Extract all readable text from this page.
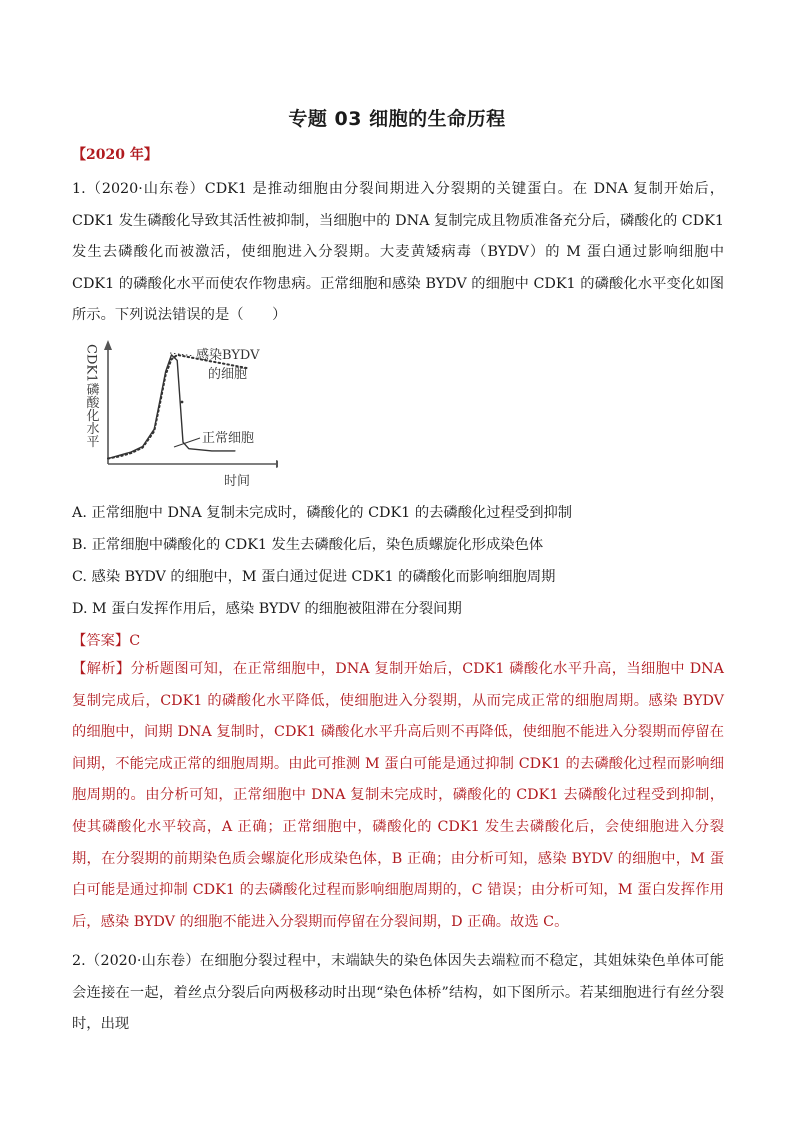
专题 03 细胞的生命历程
【2020 年】

1.（2020·山东卷）CDK1 是推动细胞由分裂间期进入分裂期的关键蛋白。在 DNA 复制开始后，CDK1 发生磷酸化导致其活性被抑制，当细胞中的 DNA 复制完成且物质准备充分后，磷酸化的 CDK1 发生去磷酸化而被激活，使细胞进入分裂期。大麦黄矮病毒（BYDV）的 M 蛋白通过影响细胞中 CDK1 的磷酸化水平而使农作物患病。正常细胞和感染 BYDV 的细胞中 CDK1 的磷酸化水平变化如图所示。下列说法错误的是（　　）

CDK1磷酸化水平
时间
感染BYDV
的细胞
正常细胞
A. 正常细胞中 DNA 复制未完成时，磷酸化的 CDK1 的去磷酸化过程受到抑制
B. 正常细胞中磷酸化的 CDK1 发生去磷酸化后，染色质螺旋化形成染色体
C. 感染 BYDV 的细胞中，M 蛋白通过促进 CDK1 的磷酸化而影响细胞周期
D. M 蛋白发挥作用后，感染 BYDV 的细胞被阻滞在分裂间期
【答案】C

【解析】分析题图可知，在正常细胞中，DNA 复制开始后，CDK1 磷酸化水平升高，当细胞中 DNA 复制完成后，CDK1 的磷酸化水平降低，使细胞进入分裂期，从而完成正常的细胞周期。感染 BYDV 的细胞中，间期 DNA 复制时，CDK1 磷酸化水平升高后则不再降低，使细胞不能进入分裂期而停留在间期，不能完成正常的细胞周期。由此可推测 M 蛋白可能是通过抑制 CDK1 的去磷酸化过程而影响细胞周期的。由分析可知，正常细胞中 DNA 复制未完成时，磷酸化的 CDK1 去磷酸化过程受到抑制，使其磷酸化水平较高，A 正确；正常细胞中，磷酸化的 CDK1 发生去磷酸化后，会使细胞进入分裂期，在分裂期的前期染色质会螺旋化形成染色体，B 正确；由分析可知，感染 BYDV 的细胞中，M 蛋白可能是通过抑制 CDK1 的去磷酸化过程而影响细胞周期的，C 错误；由分析可知，M 蛋白发挥作用后，感染 BYDV 的细胞不能进入分裂期而停留在分裂间期，D 正确。故选 C。

2.（2020·山东卷）在细胞分裂过程中，末端缺失的染色体因失去端粒而不稳定，其姐妹染色单体可能会连接在一起，着丝点分裂后向两极移动时出现“染色体桥”结构，如下图所示。若某细胞进行有丝分裂时，出现
